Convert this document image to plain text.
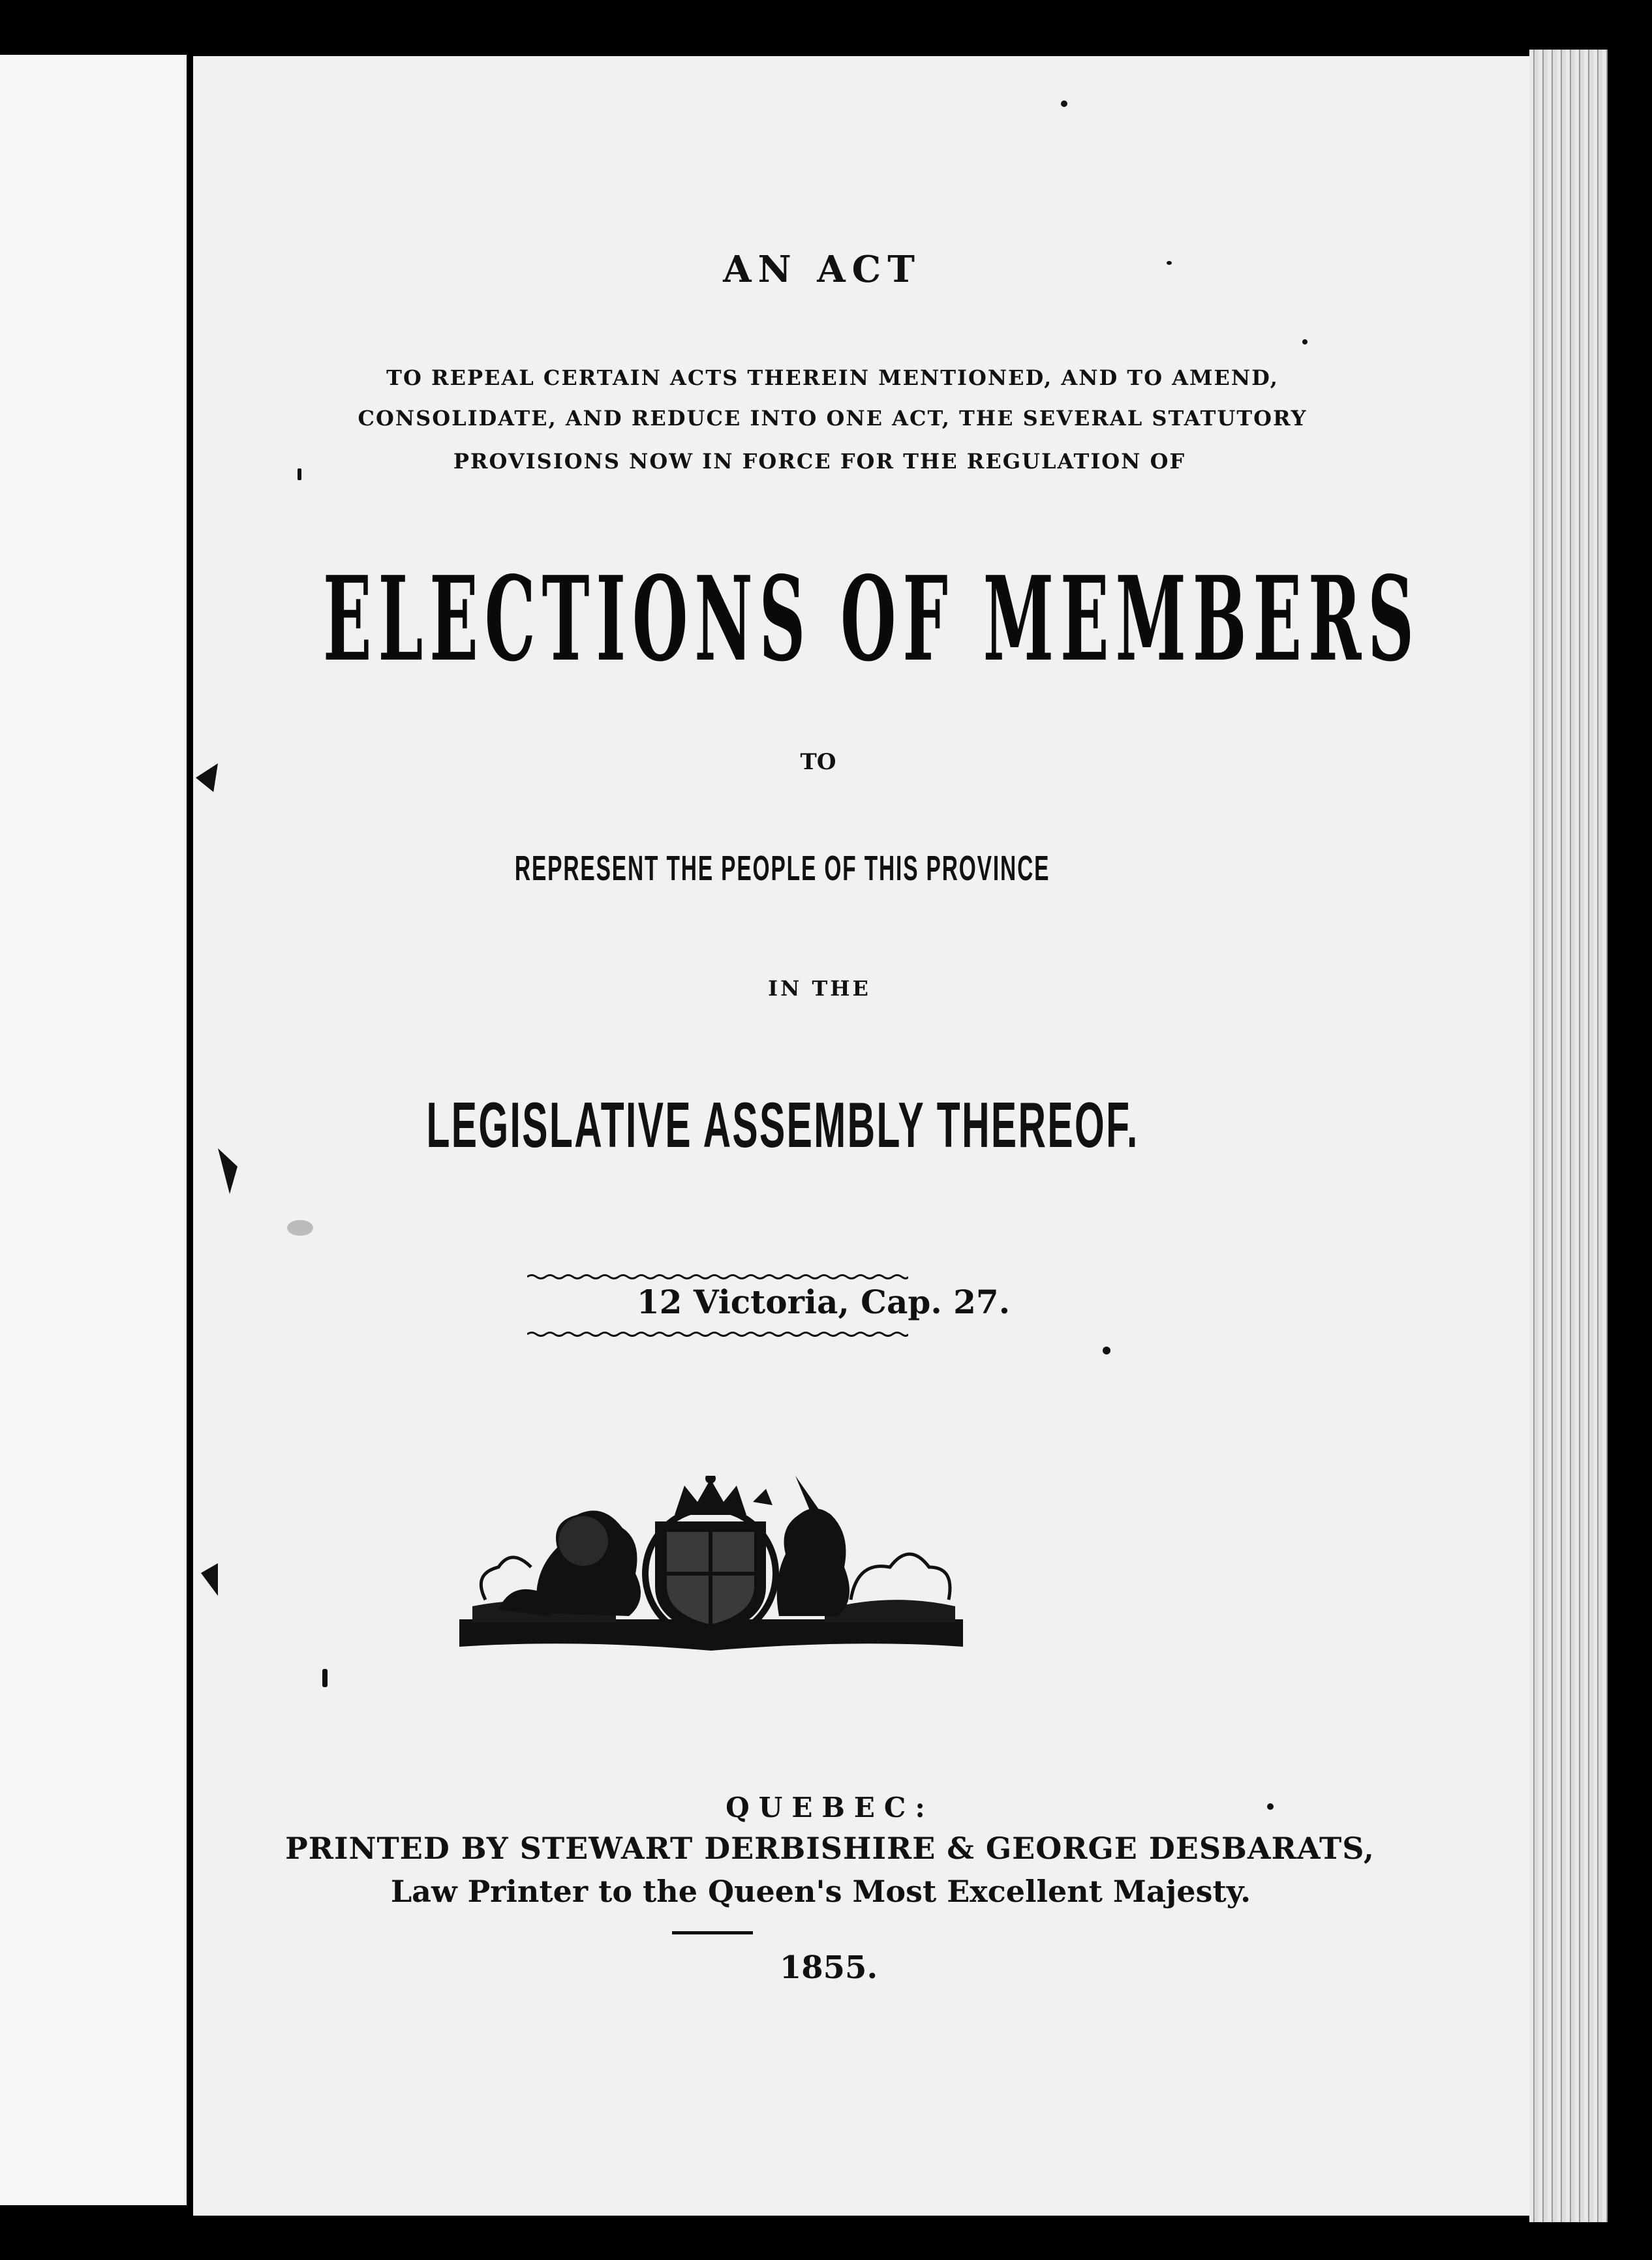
AN ACT
TO REPEAL CERTAIN ACTS THEREIN MENTIONED, AND TO AMEND,
CONSOLIDATE, AND REDUCE INTO ONE ACT, THE SEVERAL STATUTORY
PROVISIONS NOW IN FORCE FOR THE REGULATION OF
ELECTIONS OF MEMBERS
TO
REPRESENT THE PEOPLE OF THIS PROVINCE
IN THE
LEGISLATIVE ASSEMBLY THEREOF.
12 Victoria, Cap. 27.
QUEBEC:
PRINTED BY STEWART DERBISHIRE & GEORGE DESBARATS,
Law Printer to the Queen's Most Excellent Majesty.
1855.
